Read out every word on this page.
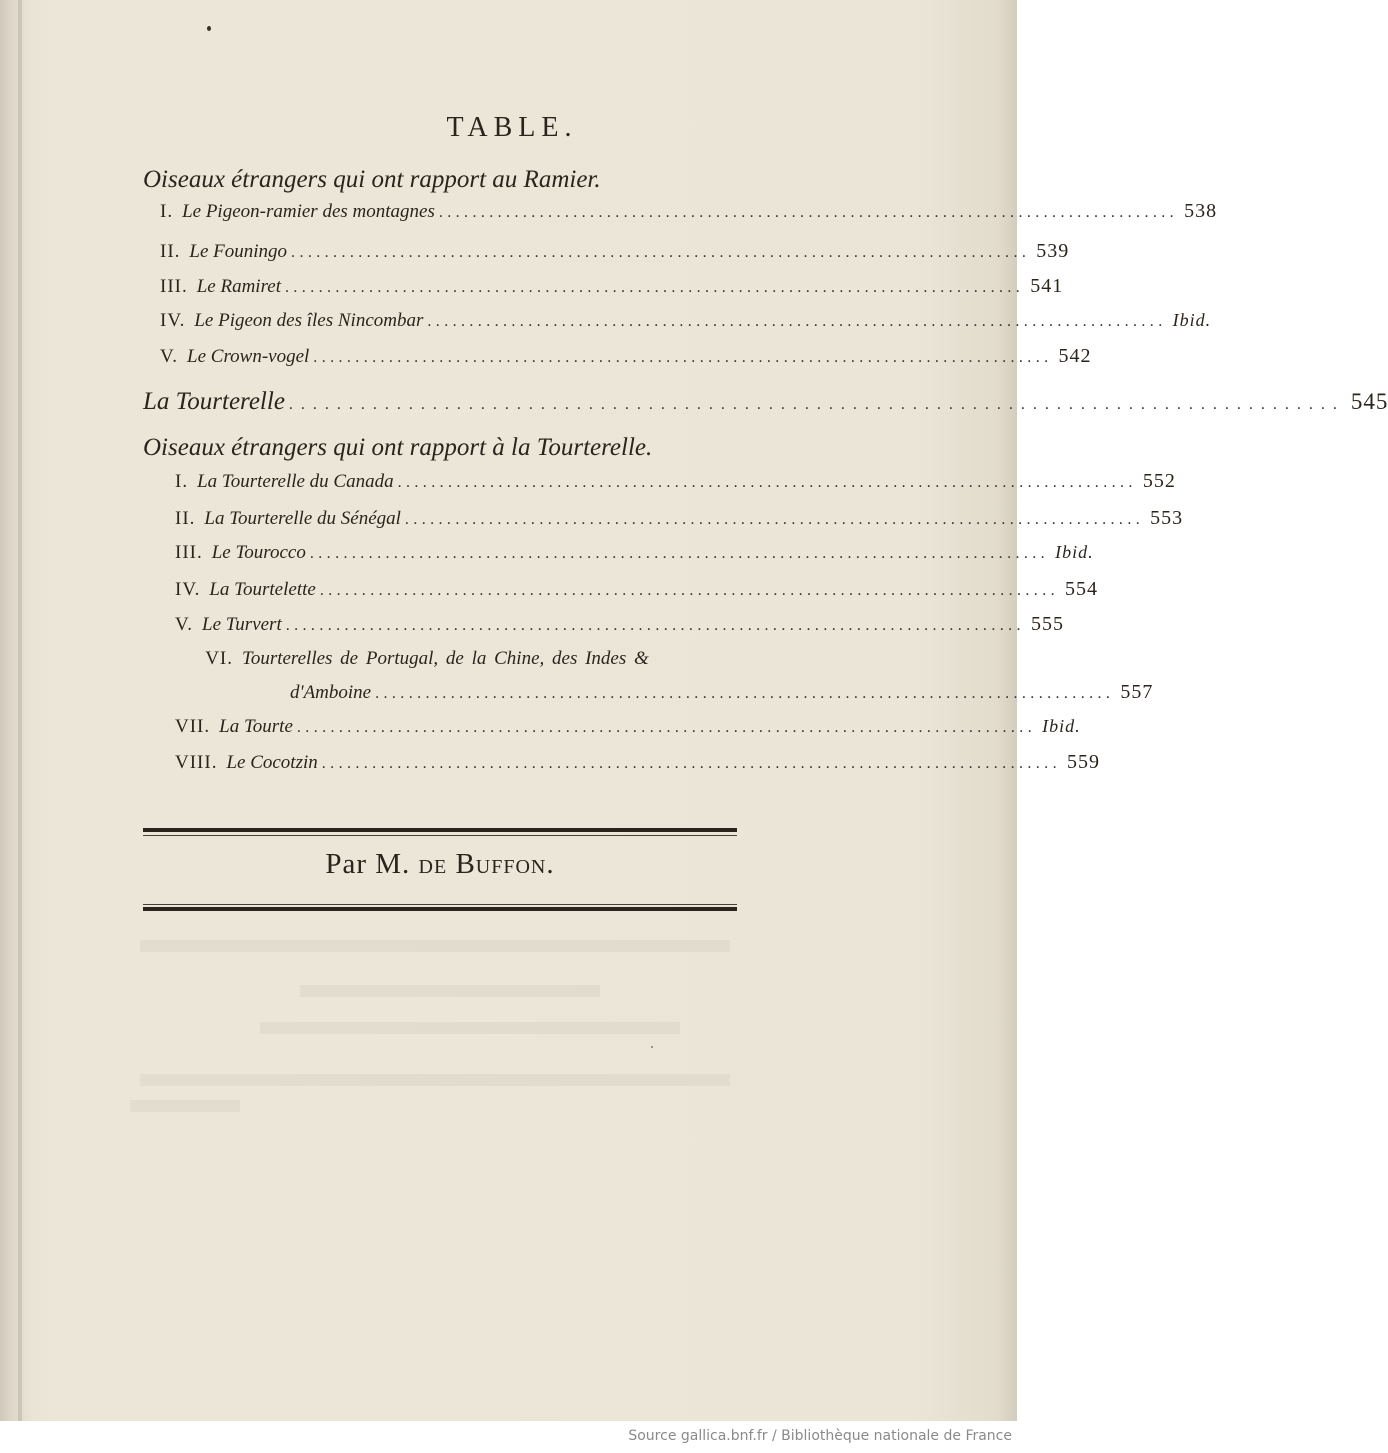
TABLE.
Oiseaux étrangers qui ont rapport au Ramier.
I. Le Pigeon-ramier des montagnes ........................................................................................ 538
II. Le Founingo ........................................................................................ 539
III. Le Ramiret ........................................................................................ 541
IV. Le Pigeon des îles Nincombar ........................................................................................ Ibid.
V. Le Crown-vogel ........................................................................................ 542
La Tourterelle ........................................................................................ 545
Oiseaux étrangers qui ont rapport à la Tourterelle.
I. La Tourterelle du Canada ........................................................................................ 552
II. La Tourterelle du Sénégal ........................................................................................ 553
III. Le Tourocco ........................................................................................ Ibid.
IV. La Tourtelette ........................................................................................ 554
V. Le Turvert ........................................................................................ 555
VI. Tourterelles de Portugal, de la Chine, des Indes &
d'Amboine ........................................................................................ 557
VII. La Tourte ........................................................................................ Ibid.
VIII. Le Cocotzin ........................................................................................ 559
Par M. de Buffon.
Source gallica.bnf.fr / Bibliothèque nationale de France
